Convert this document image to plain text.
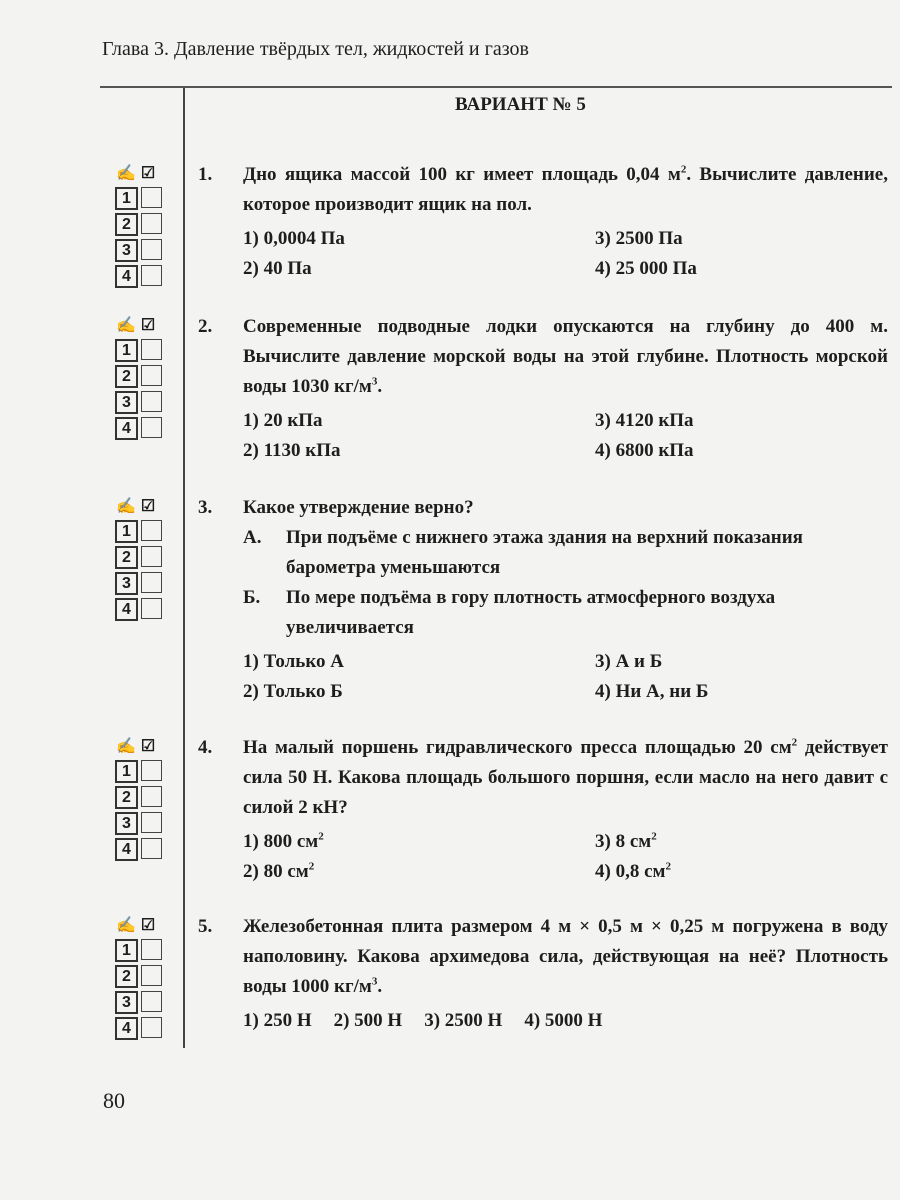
Глава 3. Давление твёрдых тел, жидкостей и газов
ВАРИАНТ № 5
✍ ☑
1
2
3
4
1. Дно ящика массой 100 кг имеет площадь 0,04 $м^2$. Вычислите давление, которое производит ящик на пол.
1) 0,0004 Па	3) 2500 Па
2) 40 Па	4) 25 000 Па
✍ ☑
1
2
3
4
2. Современные подводные лодки опускаются на глубину до 400 м. Вычислите давление морской воды на этой глубине. Плотность морской воды 1030 $кг/м^3$.
1) 20 кПа	3) 4120 кПа
2) 1130 кПа	4) 6800 кПа
✍ ☑
1
2
3
4
3. Какое утверждение верно?
А.	При подъёме с нижнего этажа здания на верхний показания барометра уменьшаются
Б.	По мере подъёма в гору плотность атмосферного воздуха увеличивается
1) Только А	3) А и Б
2) Только Б	4) Ни А, ни Б
✍ ☑
1
2
3
4
4. На малый поршень гидравлического пресса площадью 20 $см^2$ действует сила 50 Н. Какова площадь большого поршня, если масло на него давит с силой 2 кН?
1) 800 $см^2$	3) 8 $см^2$
2) 80 $см^2$	4) 0,8 $см^2$
✍ ☑
1
2
3
4
5. Железобетонная плита размером 4 м × 0,5 м × 0,25 м погружена в воду наполовину. Какова архимедова сила, действующая на неё? Плотность воды 1000 $кг/м^3$.
1) 250 Н 2) 500 Н 3) 2500 Н 4) 5000 Н
80
